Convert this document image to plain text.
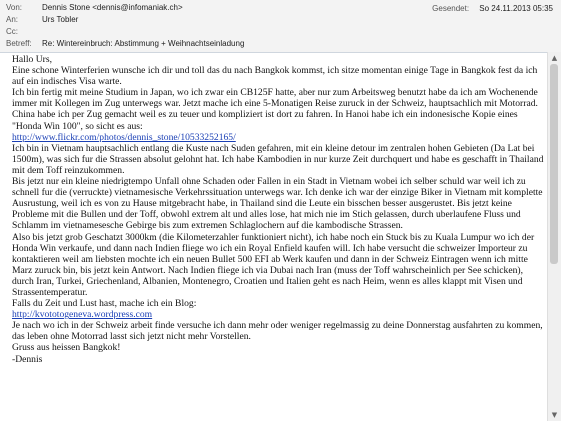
Von: Dennis Stone <dennis@infomaniak.ch>	Gesendet: So 24.11.2013 05:35
An:	Urs Tobler
Cc:
Betreff: Re: Wintereinbruch: Abstimmung + Weihnachtseinladung

Hallo Urs,

Eine schone Winterferien wunsche ich dir und toll das du nach Bangkok kommst, ich sitze momentan einige Tage in Bangkok fest da ich auf ein indisches Visa warte.

Ich bin fertig mit meine Studium in Japan, wo ich zwar ein CB125F hatte, aber nur zum Arbeitsweg benutzt habe da ich am Wochenende immer mit Kollegen im Zug unterwegs war. Jetzt mache ich eine 5-Monatigen Reise zuruck in der Schweiz, hauptsachlich mit Motorrad. China habe ich per Zug gemacht weil es zu teuer und kompliziert ist dort zu fahren. In Hanoi habe ich ein indonesische Kopie eines "Honda Win 100", so sicht es aus:

http://www.flickr.com/photos/dennis_stone/10533252165/

Ich bin in Vietnam hauptsachlich entlang die Kuste nach Suden gefahren, mit ein kleine detour im zentralen hohen Gebieten (Da Lat bei 1500m), was sich fur die Strassen absolut gelohnt hat. Ich habe Kambodien in nur kurze Zeit durchquert und habe es geschafft in Thailand mit dem Toff reinzukommen.

Bis jetzt nur ein kleine niedrigtempo Unfall ohne Schaden oder Fallen in ein Stadt in Vietnam wobei ich selber schuld war weil ich zu schnell fur die (verruckte) vietnamesische Verkehrssituation unterwegs war. Ich denke ich war der einzige Biker in Vietnam mit komplette Ausrustung, weil ich es von zu Hause mitgebracht habe, in Thailand sind die Leute ein bisschen besser ausgerustet. Bis jetzt keine Probleme mit die Bullen und der Toff, obwohl extrem alt und alles lose, hat mich nie im Stich gelassen, durch uberlaufene Fluss und Schlamm im vietnamesesche Gebirge bis zum extremen Schlaglochern auf die kambodische Strassen.

Also bis jetzt grob Geschatzt 3000km (die Kilometerzahler funktioniert nicht), ich habe noch ein Stuck bis zu Kuala Lumpur wo ich der Honda Win verkaufe, und dann nach Indien fliege wo ich ein Royal Enfield kaufen will. Ich habe versucht die schweizer Importeur zu kontaktieren weil am liebsten mochte ich ein neuen Bullet 500 EFI ab Werk kaufen und dann in der Schweiz Eintragen wenn ich mitte Marz zuruck bin, bis jetzt kein Antwort. Nach Indien fliege ich via Dubai nach Iran (muss der Toff wahrscheinlich per See schicken), durch Iran, Turkei, Griechenland, Albanien, Montenegro, Croatien und Italien geht es nach Heim, wenn es alles klappt mit Visen und Strassentemperatur.

Falls du Zeit und Lust hast, mache ich ein Blog:

http://kvototogeneva.wordpress.com

Je nach wo ich in der Schweiz arbeit finde versuche ich dann mehr oder weniger regelmassig zu deine Donnerstag ausfahrten zu kommen, das leben ohne Motorrad lasst sich jetzt nicht mehr Vorstellen.

Gruss aus heissen Bangkok!

-Dennis

▲
▼
